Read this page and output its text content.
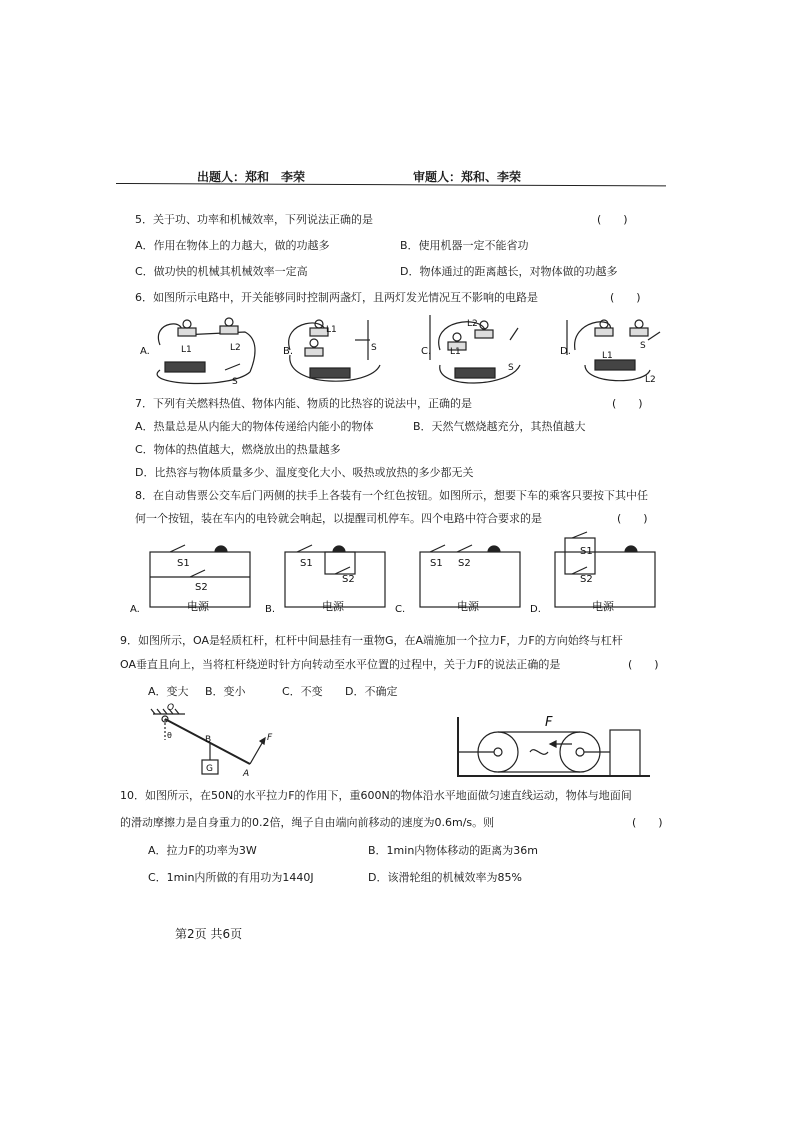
出题人：郑和　李荣	审题人：郑和、李荣
5．关于功、功率和机械效率，下列说法正确的是	(　　)
A．作用在物体上的力越大，做的功越多	B．使用机器一定不能省功
C．做功快的机械其机械效率一定高	D．物体通过的距离越长，对物体做的功越多
6．如图所示电路中，开关能够同时控制两盏灯，且两灯发光情况互不影响的电路是	(　　)
A.	L1	L2
S
B.
L1
S	C.
L2
L1
S
D.	L1
S
L2
7．下列有关燃料热值、物体内能、物质的比热容的说法中，正确的是	(　　)
A．热量总是从内能大的物体传递给内能小的物体	B．天然气燃烧越充分，其热值越大
C．物体的热值越大，燃烧放出的热量越多
D．比热容与物体质量多少、温度变化大小、吸热或放热的多少都无关
8．在自动售票公交车后门两侧的扶手上各装有一个红色按钮。如图所示，想要下车的乘客只要按下其中任
何一个按钮，装在车内的电铃就会响起，以提醒司机停车。四个电路中符合要求的是	(　　)
A.
S1
S2
电源	B.
S1
S2
电源	C.
S1 S2
电源	D.
S1
S2
电源
9．如图所示，OA是轻质杠杆，杠杆中间悬挂有一重物G，在A端施加一个拉力F，力F的方向始终与杠杆
OA垂直且向上，当将杠杆绕逆时针方向转动至水平位置的过程中，关于力F的说法正确的是	(　　)
A．变大 B．变小	C．不变 D．不确定
O
θ	B	F
A
G
F
10．如图所示，在50N的水平拉力F的作用下，重600N的物体沿水平地面做匀速直线运动，物体与地面间
的滑动摩擦力是自身重力的0.2倍，绳子自由端向前移动的速度为0.6m/s。则	(　　)
A．拉力F的功率为3W	B．1min内物体移动的距离为36m
C．1min内所做的有用功为1440J	D．该滑轮组的机械效率为85%
第2页 共6页
